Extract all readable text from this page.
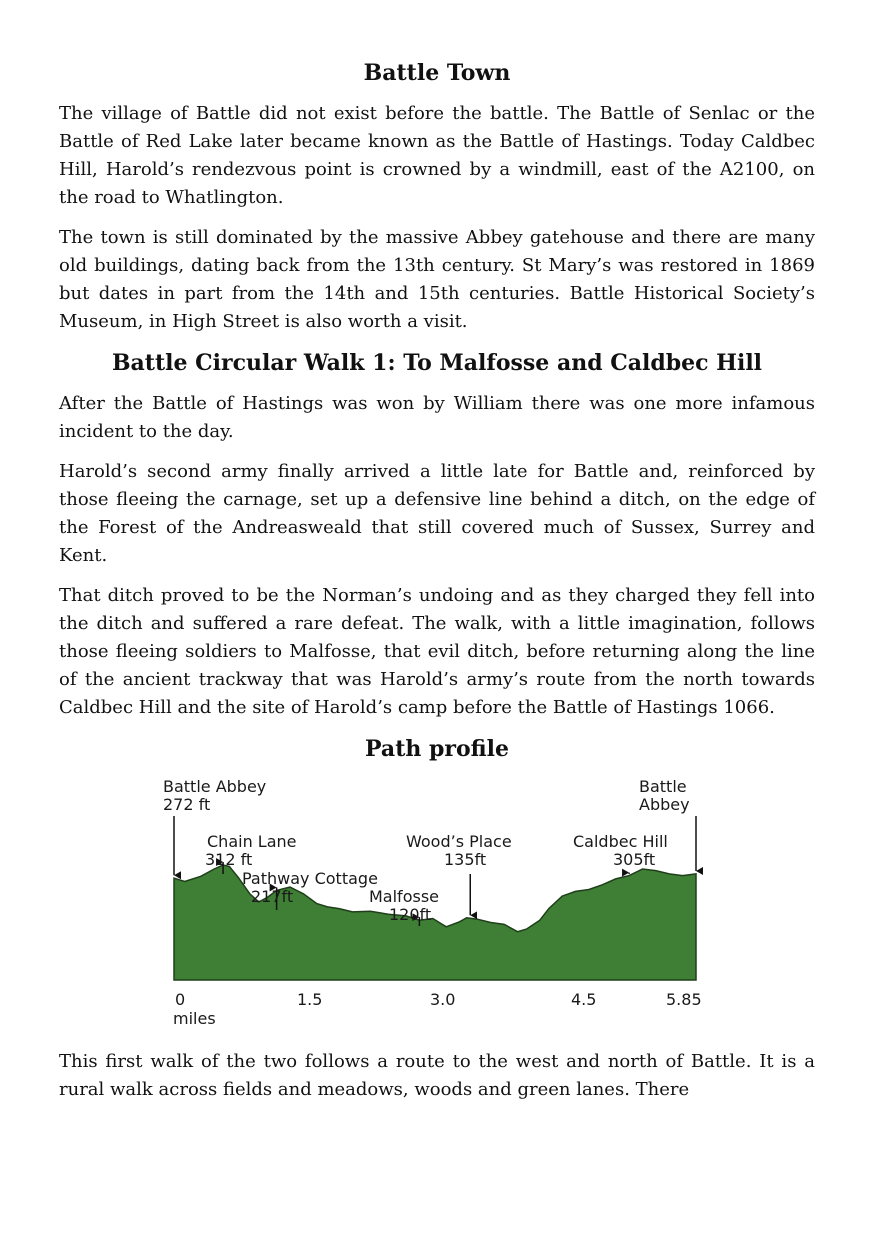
Battle Town

The village of Battle did not exist before the battle. The Battle of Senlac or the Battle of Red Lake later became known as the Battle of Hastings. Today Caldbec Hill, Harold’s rendezvous point is crowned by a windmill, east of the A2100, on the road to Whatlington.

The town is still dominated by the massive Abbey gatehouse and there are many old buildings, dating back from the 13th century. St Mary’s was restored in 1869 but dates in part from the 14th and 15th centuries. Battle Historical Society’s Museum, in High Street is also worth a visit.

Battle Circular Walk 1: To Malfosse and Caldbec Hill

After the Battle of Hastings was won by William there was one more infamous incident to the day.

Harold’s second army finally arrived a little late for Battle and, reinforced by those fleeing the carnage, set up a defensive line behind a ditch, on the edge of the Forest of the Andreasweald that still covered much of Sussex, Surrey and Kent.

That ditch proved to be the Norman’s undoing and as they charged they fell into the ditch and suffered a rare defeat. The walk, with a little imagination, follows those fleeing soldiers to Malfosse, that evil ditch, before returning along the line of the ancient trackway that was Harold’s army’s route from the north towards Caldbec Hill and the site of Harold’s camp before the Battle of Hastings 1066.

Path profile
Battle Abbey
272 ft
Chain Lane
312 ft
Pathway Cottage
217ft	Malfosse
120ft
Wood’s Place
135ft
Caldbec Hill
305ft
Battle
Abbey
0	1.5	3.0	4.5	5.85
miles

This first walk of the two follows a route to the west and north of Battle. It is a rural walk across fields and meadows, woods and green lanes. There
